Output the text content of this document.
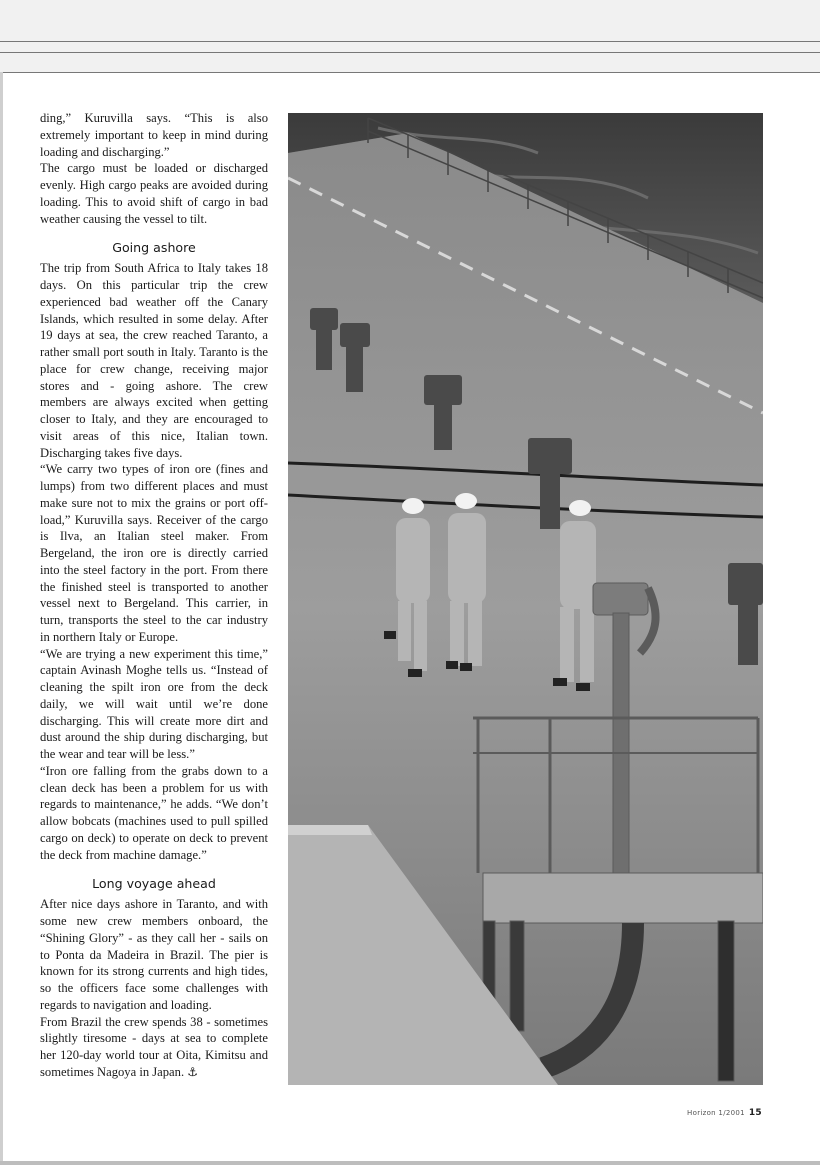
ding,” Kuruvilla says. “This is also extremely important to keep in mind during loading and discharging.”

The cargo must be loaded or discharged evenly. High cargo peaks are avoided during loading. This to avoid shift of cargo in bad weather causing the vessel to tilt.

Going ashore

The trip from South Africa to Italy takes 18 days. On this particular trip the crew experienced bad weather off the Canary Islands, which resulted in some delay. After 19 days at sea, the crew reached Taranto, a rather small port south in Italy. Taranto is the place for crew change, receiving major stores and - going ashore. The crew members are always excited when getting closer to Italy, and they are encouraged to visit areas of this nice, Italian town. Discharging takes five days.

“We carry two types of iron ore (fines and lumps) from two different places and must make sure not to mix the grains or port off-load,” Kuruvilla says. Receiver of the cargo is Ilva, an Italian steel maker. From Bergeland, the iron ore is directly carried into the steel factory in the port. From there the finished steel is transported to another vessel next to Bergeland. This carrier, in turn, transports the steel to the car industry in northern Italy or Europe.

“We are trying a new experiment this time,” captain Avinash Moghe tells us. “Instead of cleaning the spilt iron ore from the deck daily, we will wait until we’re done discharging. This will create more dirt and dust around the ship during discharging, but the wear and tear will be less.”

“Iron ore falling from the grabs down to a clean deck has been a problem for us with regards to maintenance,” he adds. “We don’t allow bobcats (machines used to pull spilled cargo on deck) to operate on deck to prevent the deck from machine damage.”

Long voyage ahead

After nice days ashore in Taranto, and with some new crew members onboard, the “Shining Glory” - as they call her - sails on to Ponta da Madeira in Brazil. The pier is known for its strong currents and high tides, so the officers face some challenges with regards to navigation and loading.

From Brazil the crew spends 38 - sometimes slightly tiresome - days at sea to complete her 120-day world tour at Oita, Kimitsu and sometimes Nagoya in Japan. ⚓

Horizon 1/2001 15
